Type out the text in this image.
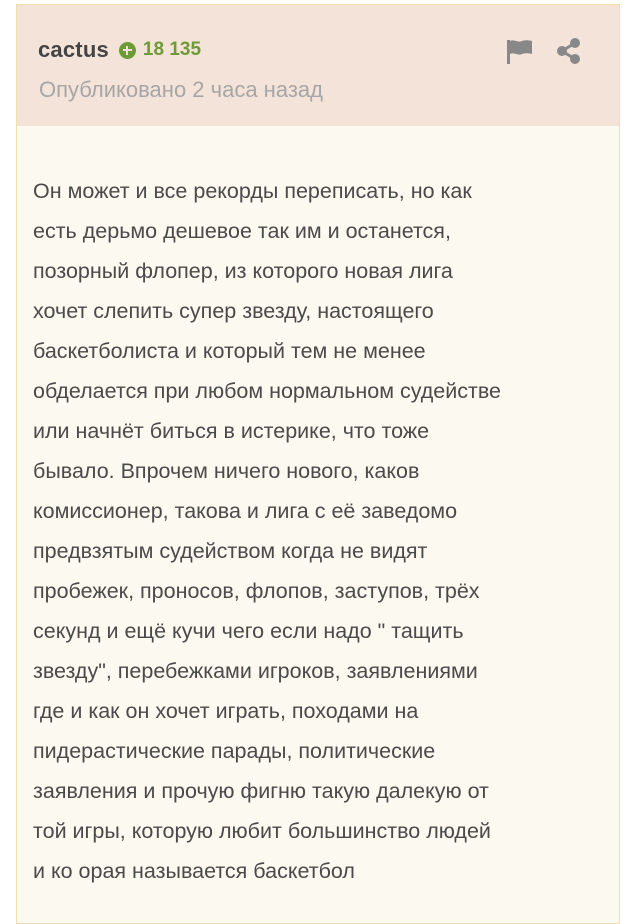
cactus 18 135
Опубликовано 2 часа назад

Он может и все рекорды переписать, но как
есть дерьмо дешевое так им и останется,
позорный флопер, из которого новая лига
хочет слепить супер звезду, настоящего
баскетболиста и который тем не менее
обделается при любом нормальном судействе
или начнёт биться в истерике, что тоже
бывало. Впрочем ничего нового, каков
комиссионер, такова и лига с её заведомо
предвзятым судейством когда не видят
пробежек, проносов, флопов, заступов, трёх
секунд и ещё кучи чего если надо " тащить
звезду", перебежками игроков, заявлениями
где и как он хочет играть, походами на
пидерастические парады, политические
заявления и прочую фигню такую далекую от
той игры, которую любит большинство людей
и ко орая называется баскетбол
